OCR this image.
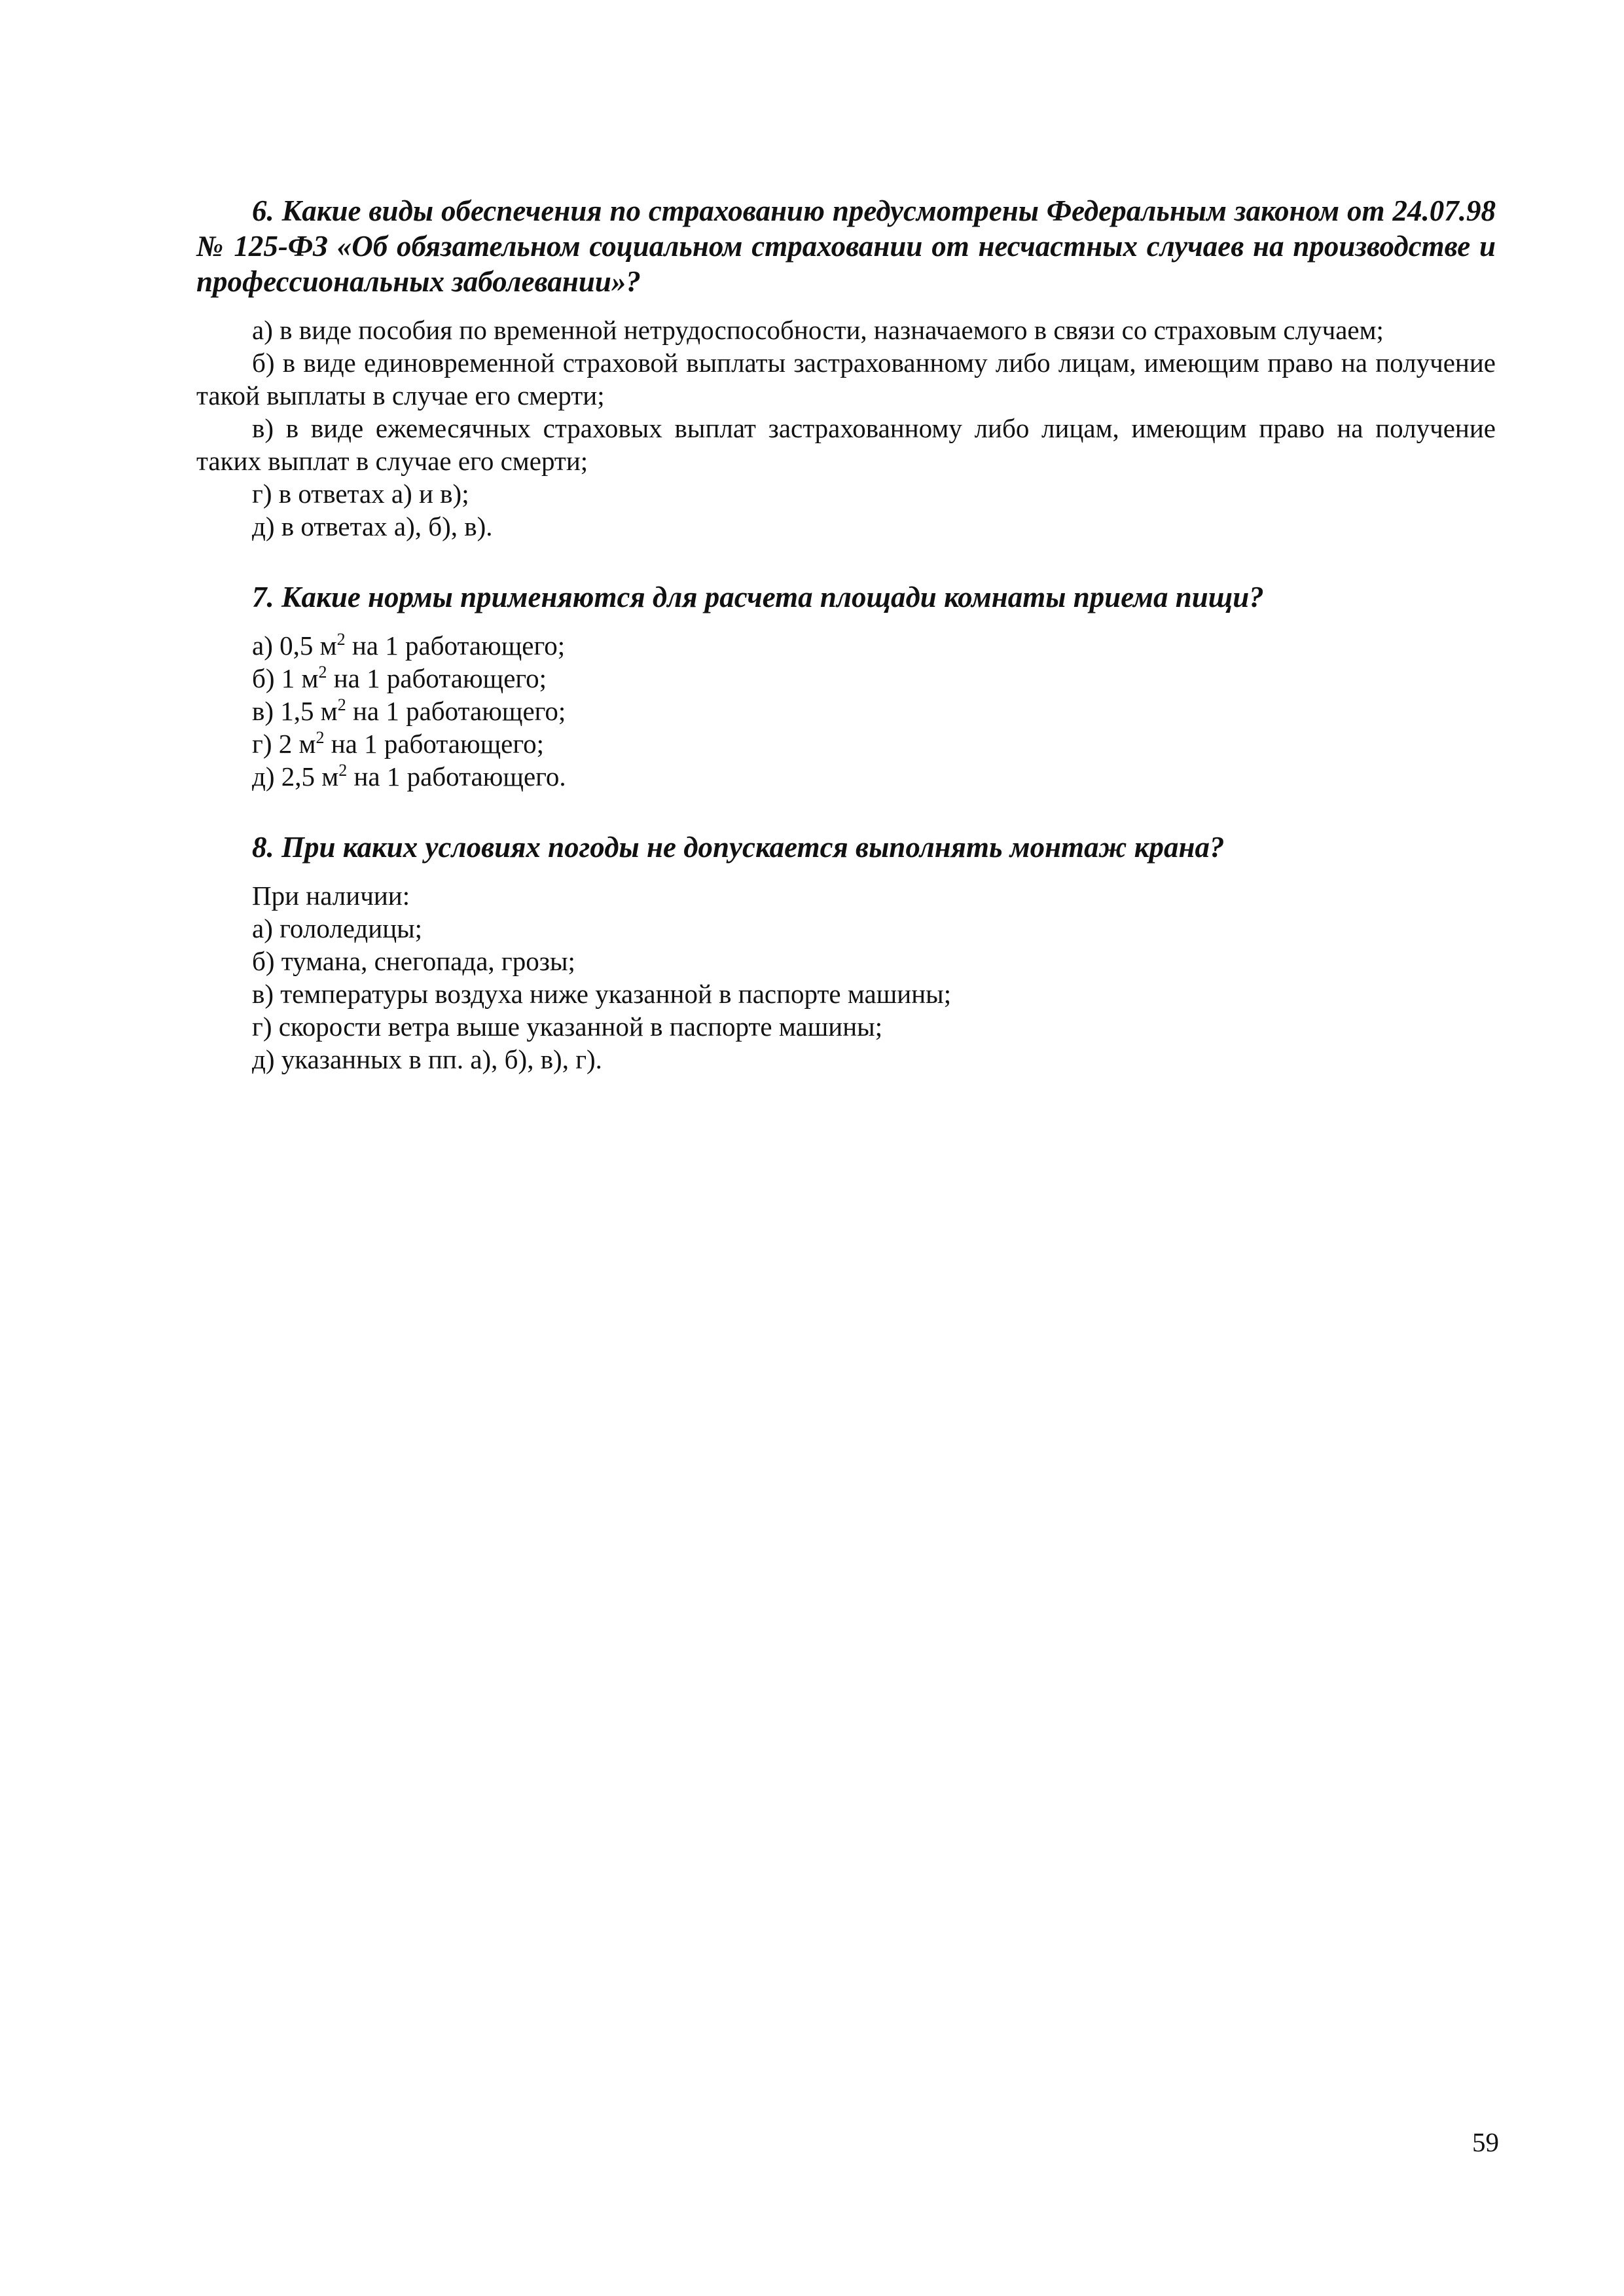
6. Какие виды обеспечения по страхованию предусмотрены Федеральным законом от 24.07.98 № 125-ФЗ «Об обязательном социальном страховании от несчастных случаев на производстве и профессиональных заболевании»?

а) в виде пособия по временной нетрудоспособности, назначаемого в связи со страховым случаем;

б) в виде единовременной страховой выплаты застрахованному либо лицам, имеющим право на получение такой выплаты в случае его смерти;

в) в виде ежемесячных страховых выплат застрахованному либо лицам, имеющим право на получение таких выплат в случае его смерти;

г) в ответах а) и в);

д) в ответах а), б), в).

7. Какие нормы применяются для расчета площади комнаты приема пищи?

а) 0,5 $м^2$ на 1 работающего;

б) 1 $м^2$ на 1 работающего;

в) 1,5 $м^2$ на 1 работающего;

г) 2 $м^2$ на 1 работающего;

д) 2,5 $м^2$ на 1 работающего.

8. При каких условиях погоды не допускается выполнять монтаж крана?

При наличии:

а) гололедицы;

б) тумана, снегопада, грозы;

в) температуры воздуха ниже указанной в паспорте машины;

г) скорости ветра выше указанной в паспорте машины;

д) указанных в пп. а), б), в), г).

59
